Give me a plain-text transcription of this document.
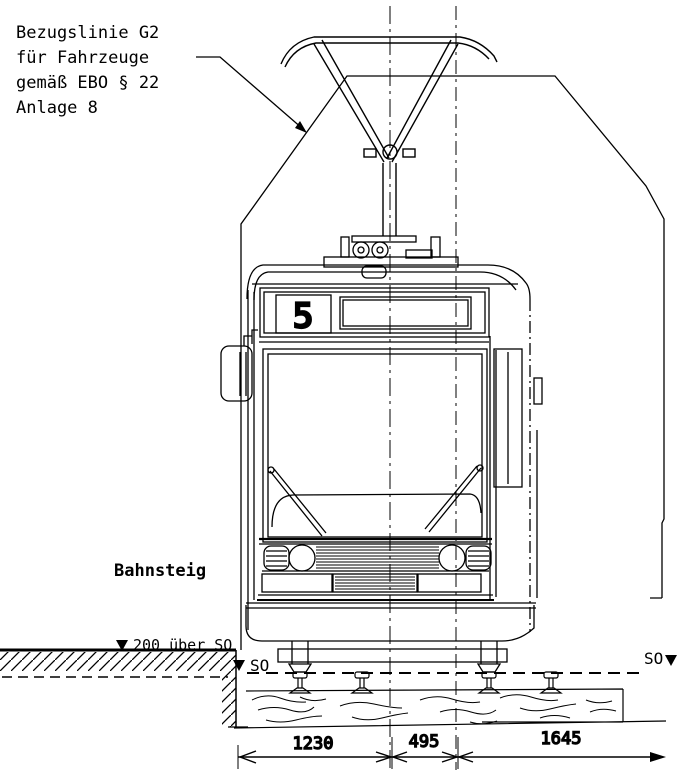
SO	SO
200 über SO
1230	495	1645
5
Bezugslinie G2
für Fahrzeuge
gemäß EBO § 22
Anlage 8
Bahnsteig
